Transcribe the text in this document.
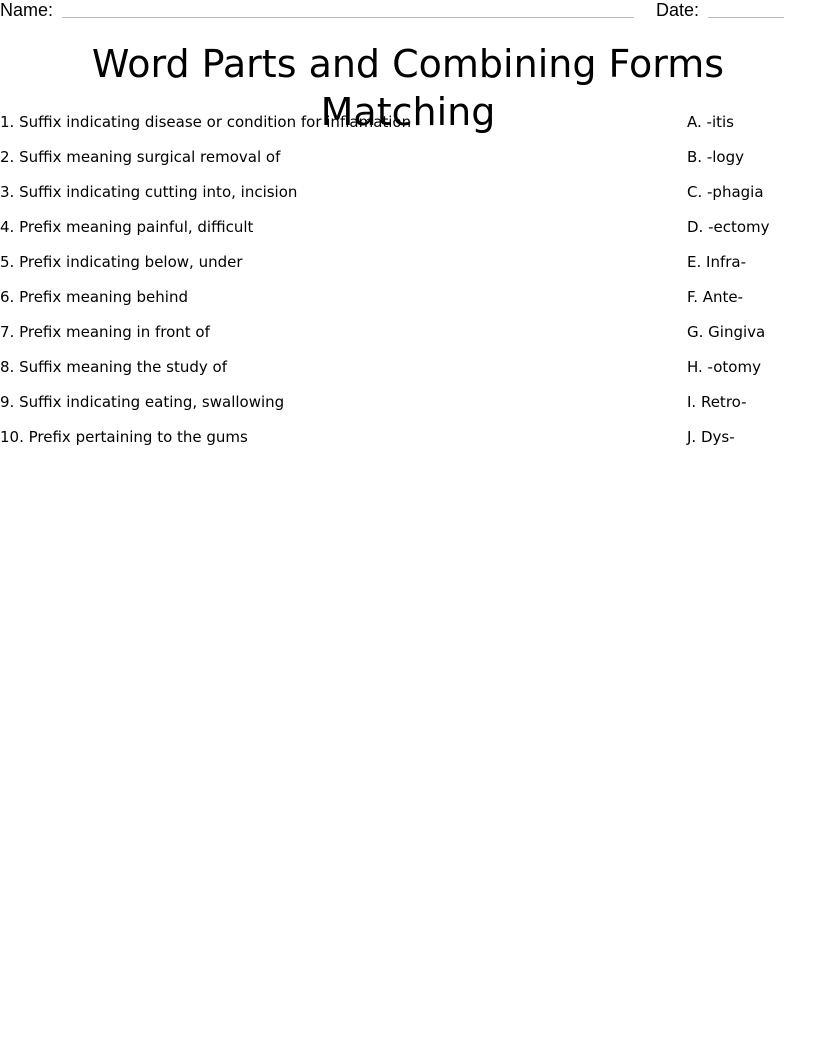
Name:	Date:
Word Parts and Combining Forms Matching
1. Suffix indicating disease or condition for inflamation
2. Suffix meaning surgical removal of
3. Suffix indicating cutting into, incision
4. Prefix meaning painful, difficult
5. Prefix indicating below, under
6. Prefix meaning behind
7. Prefix meaning in front of
8. Suffix meaning the study of
9. Suffix indicating eating, swallowing
10. Prefix pertaining to the gums
A. -itis
B. -logy
C. -phagia
D. -ectomy
E. Infra-
F. Ante-
G. Gingiva
H. -otomy
I. Retro-
J. Dys-
